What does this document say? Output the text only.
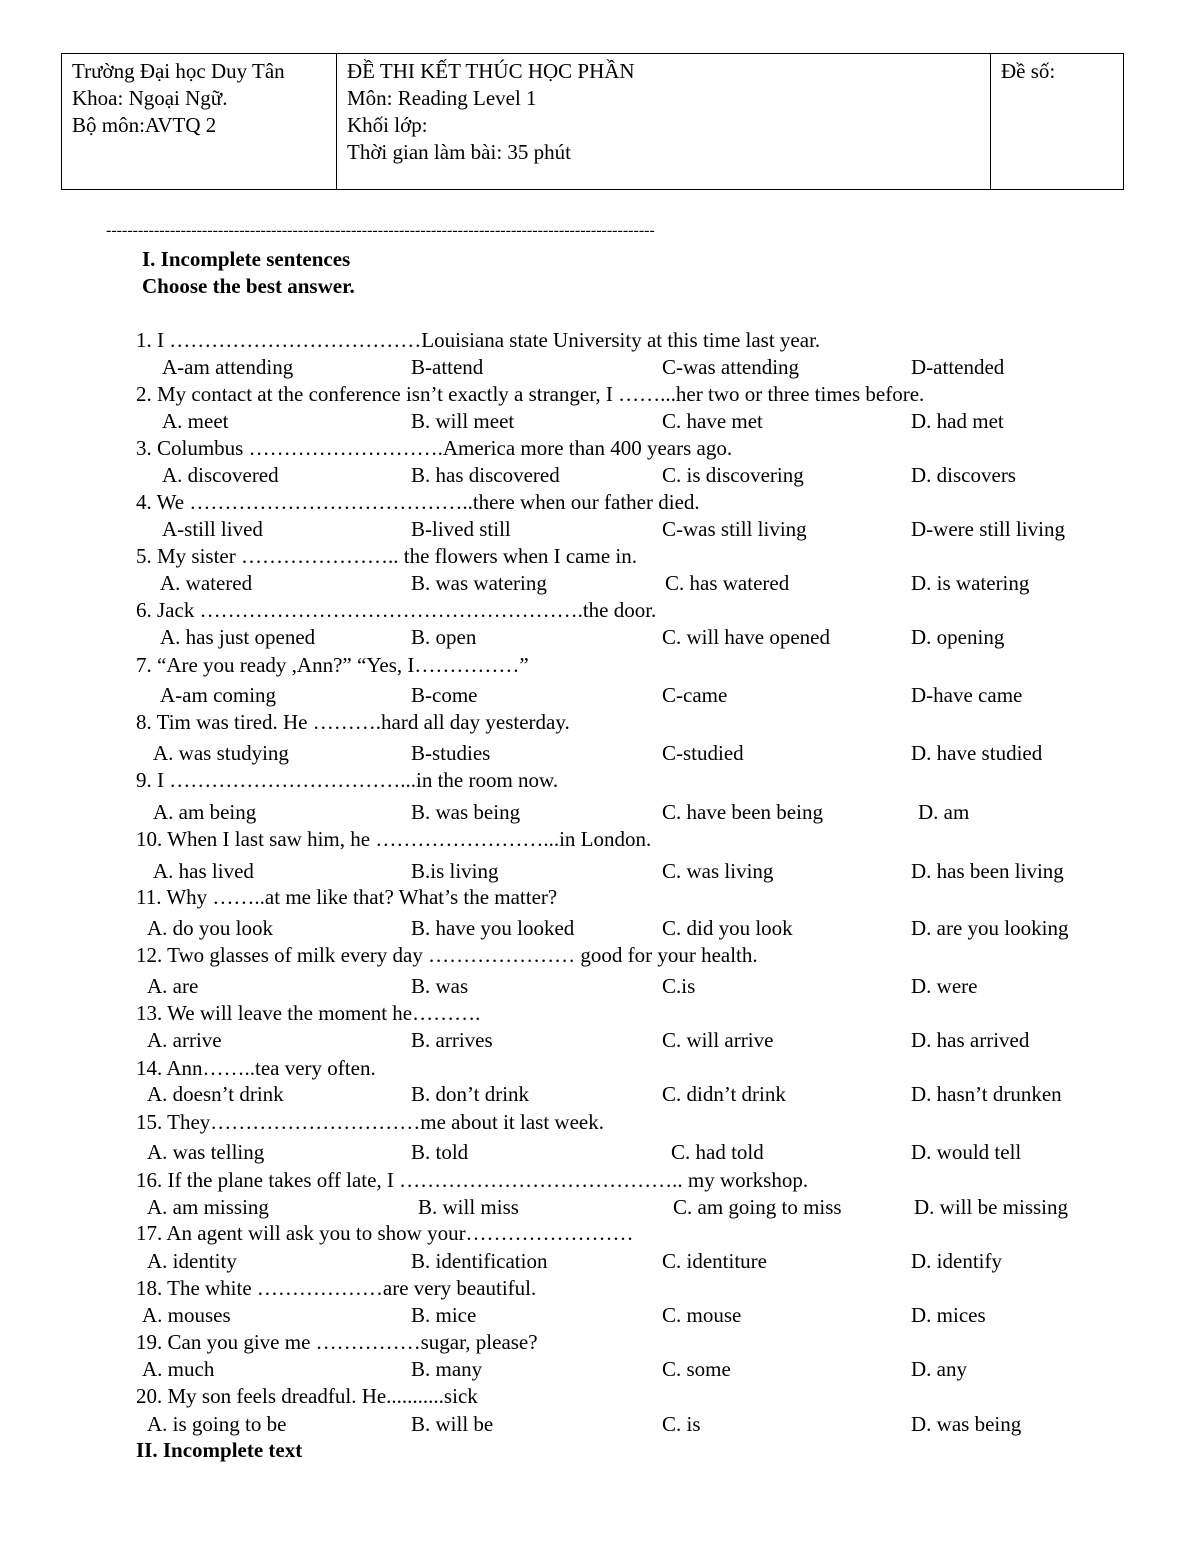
Trường Đại học Duy Tân
Khoa: Ngoại Ngữ.
Bộ môn:AVTQ 2

ĐỀ THI KẾT THÚC HỌC PHẦN
Môn: Reading Level 1
Khối lớp:
Thời gian làm bài: 35 phút

Đề số:
-------------------------------------------------------------------------------------------------------
I. Incomplete sentences
Choose the best answer.
1. I ………………………………Louisiana state University at this time last year.
A-am attending	B-attend	C-was attending	D-attended
2. My contact at the conference isn’t exactly a stranger, I ……...her two or three times before.
A. meet	B. will meet	C. have met	D. had met
3. Columbus ……………………….America more than 400 years ago.
A. discovered	B. has discovered	C. is discovering	D. discovers
4. We …………………………………..there when our father died.
A-still lived	B-lived still	C-was still living	D-were still living
5. My sister ………………….. the flowers when I came in.
A. watered	B. was watering	C. has watered	D. is watering
6. Jack ……………………………………………….the door.
A. has just opened	B. open	C. will have opened	D. opening
7. “Are you ready ,Ann?” “Yes, I……………”
A-am coming	B-come	C-came	D-have came
8. Tim was tired. He ……….hard all day yesterday.
A. was studying	B-studies	C-studied	D. have studied
9. I ……………………………...in the room now.
A. am being	B. was being	C. have been being	D. am
10. When I last saw him, he ……………………...in London.
A. has lived	B.is living	C. was living	D. has been living
11. Why ……..at me like that? What’s the matter?
A. do you look	B. have you looked	C. did you look	D. are you looking
12. Two glasses of milk every day ………………… good for your health.
A. are	B. was	C.is	D. were
13. We will leave the moment he……….
A. arrive	B. arrives	C. will arrive	D. has arrived
14. Ann……..tea very often.
A. doesn’t drink	B. don’t drink	C. didn’t drink	D. hasn’t drunken
15. They…………………………me about it last week.
A. was telling	B. told	C. had told	D. would tell
16. If the plane takes off late, I ………………………………….. my workshop.
A. am missing	B. will miss	C. am going to miss	D. will be missing
17. An agent will ask you to show your……………………
A. identity	B. identification	C. identiture	D. identify
18. The white ………………are very beautiful.
A. mouses	B. mice	C. mouse	D. mices
19. Can you give me ……………sugar, please?
A. much	B. many	C. some	D. any
20. My son feels dreadful. He...........sick
A. is going to be	B. will be	C. is	D. was being
II. Incomplete text
